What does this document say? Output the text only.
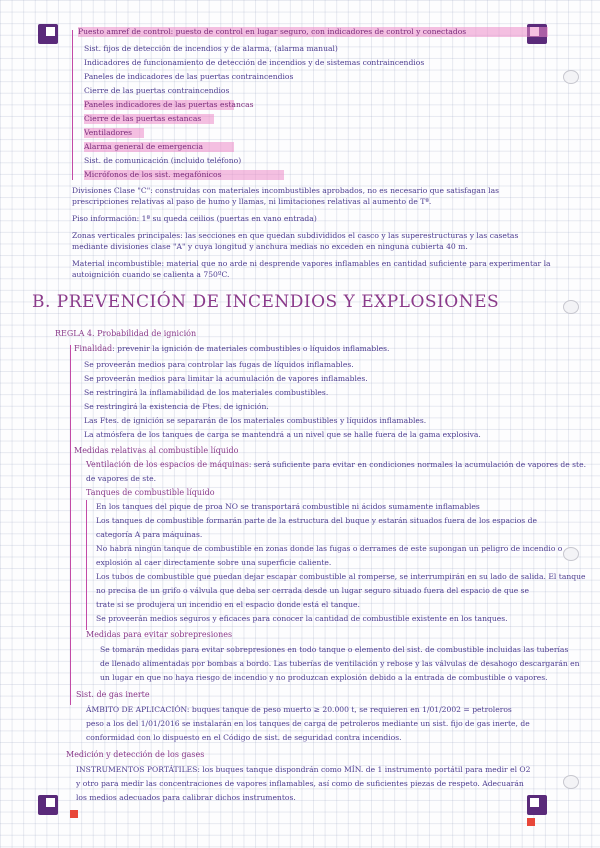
Puesto amref de control: puesto de control en lugar seguro, con indicadores de control y conectados
Sist. fijos de detección de incendios y de alarma, (alarma manual)
Indicadores de funcionamiento de detección de incendios y de sistemas contraincendios
Paneles de indicadores de las puertas contraincendios
Cierre de las puertas contraincendios
Paneles indicadores de las puertas estancas
Cierre de las puertas estancas
Ventiladores
Alarma general de emergencia
Sist. de comunicación (incluido teléfono)
Micrófonos de los sist. megafónicos
Divisiones Clase "C": construidas con materiales incombustibles aprobados, no es necesario que satisfagan las prescripciones relativas al paso de humo y llamas, ni limitaciones relativas al aumento de Tª.
Piso información: 1ª su queda ceilios (puertas en vano entrada)
Zonas verticales principales: las secciones en que quedan subdivididos el casco y las superestructuras y las casetas mediante divisiones clase "A" y cuya longitud y anchura medias no exceden en ninguna cubierta 40 m.
Material incombustible: material que no arde ni desprende vapores inflamables en cantidad suficiente para experimentar la autoignición cuando se calienta a 750ºC.
B. PREVENCIÓN DE INCENDIOS Y EXPLOSIONES
REGLA 4. Probabilidad de ignición
Finalidad: prevenir la ignición de materiales combustibles o líquidos inflamables.
Se proveerán medios para controlar las fugas de líquidos inflamables.
Se proveerán medios para limitar la acumulación de vapores inflamables.
Se restringirá la inflamabilidad de los materiales combustibles.
Se restringirá la existencia de Ftes. de ignición.
Las Ftes. de ignición se separarán de los materiales combustibles y líquidos inflamables.
La atmósfera de los tanques de carga se mantendrá a un nivel que se halle fuera de la gama explosiva.
Medidas relativas al combustible líquido
Ventilación de los espacios de máquinas: será suficiente para evitar en condiciones normales la acumulación de vapores de ste.
de vapores de ste.
Tanques de combustible líquido
En los tanques del pique de proa NO se transportará combustible ni ácidos sumamente inflamables
Los tanques de combustible formarán parte de la estructura del buque y estarán situados fuera de los espacios de
categoría A para máquinas.
No habrá ningún tanque de combustible en zonas donde las fugas o derrames de este supongan un peligro de incendio o
explosión al caer directamente sobre una superficie caliente.
Los tubos de combustible que puedan dejar escapar combustible al romperse, se interrumpirán en su lado de salida. El tanque
no precisa de un grifo o válvula que deba ser cerrada desde un lugar seguro situado fuera del espacio de que se
trate si se produjera un incendio en el espacio donde está el tanque.
Se proveerán medios seguros y eficaces para conocer la cantidad de combustible existente en los tanques.
Medidas para evitar sobrepresiones
Se tomarán medidas para evitar sobrepresiones en todo tanque o elemento del sist. de combustible incluidas las tuberías
de llenado alimentadas por bombas a bordo. Las tuberías de ventilación y rebose y las válvulas de desahogo descargarán en
un lugar en que no haya riesgo de incendio y no produzcan explosión debido a la entrada de combustible o vapores.
Sist. de gas inerte
ÁMBITO DE APLICACIÓN: buques tanque de peso muerto ≥ 20.000 t, se requieren en 1/01/2002 = petroleros
peso a los del 1/01/2016 se instalarán en los tanques de carga de petroleros mediante un sist. fijo de gas inerte, de
conformidad con lo dispuesto en el Código de sist. de seguridad contra incendios.
Medición y detección de los gases
INSTRUMENTOS PORTÁTILES: los buques tanque dispondrán como MÍN. de 1 instrumento portátil para medir el O2
y otro para medir las concentraciones de vapores inflamables, así como de suficientes piezas de respeto. Adecuarán
los medios adecuados para calibrar dichos instrumentos.
